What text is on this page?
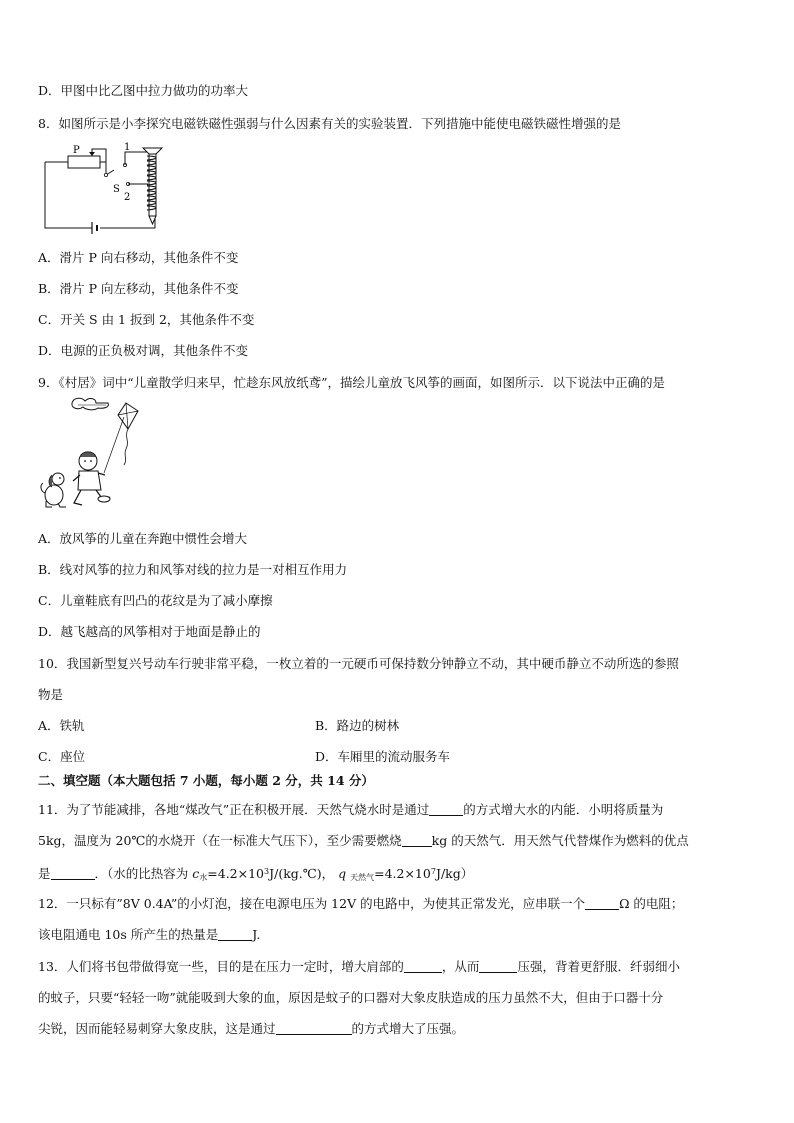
D．甲图中比乙图中拉力做功的功率大
8．如图所示是小李探究电磁铁磁性强弱与什么因素有关的实验装置．下列措施中能使电磁铁磁性增强的是
P	1
S
2
A．滑片 P 向右移动，其他条件不变
B．滑片 P 向左移动，其他条件不变
C．开关 S 由 1 扳到 2，其他条件不变
D．电源的正负极对调，其他条件不变
9．《村居》词中“儿童散学归来早，忙趁东风放纸鸢”，描绘儿童放飞风筝的画面，如图所示．以下说法中正确的是
A．放风筝的儿童在奔跑中惯性会增大
B．线对风筝的拉力和风筝对线的拉力是一对相互作用力
C．儿童鞋底有凹凸的花纹是为了减小摩擦
D．越飞越高的风筝相对于地面是静止的
10．我国新型复兴号动车行驶非常平稳，一枚立着的一元硬币可保持数分钟静立不动，其中硬币静立不动所选的参照
物是
A．铁轨	B．路边的树林
C．座位	D．车厢里的流动服务车
二、填空题（本大题包括 7 小题，每小题 2 分，共 14 分）
11．为了节能减排，各地“煤改气”正在积极开展．天然气烧水时是通过	的方式增大水的内能．小明将质量为
5kg，温度为 20℃的水烧开（在一标准大气压下），至少需要燃烧 kg 的天然气．用天然气代替煤作为燃料的优点
是	．（水的比热容为 $c_水=4.2\times 10^3J/(kg.℃)$， q $_{天然气}=4.2\times 10^7J/kg$）
12．一只标有”8V 0.4A”的小灯泡，接在电源电压为 12V 的电路中，为使其正常发光，应串联一个	Ω 的电阻；
该电阻通电 10s 所产生的热量是	J.
13．人们将书包带做得宽一些，目的是在压力一定时，增大肩部的	，从而	压强，背着更舒服．纤弱细小
的蚊子，只要“轻轻一吻”就能吸到大象的血，原因是蚊子的口器对大象皮肤造成的压力虽然不大，但由于口器十分
尖锐，因而能轻易刺穿大象皮肤，这是通过	的方式增大了压强。
